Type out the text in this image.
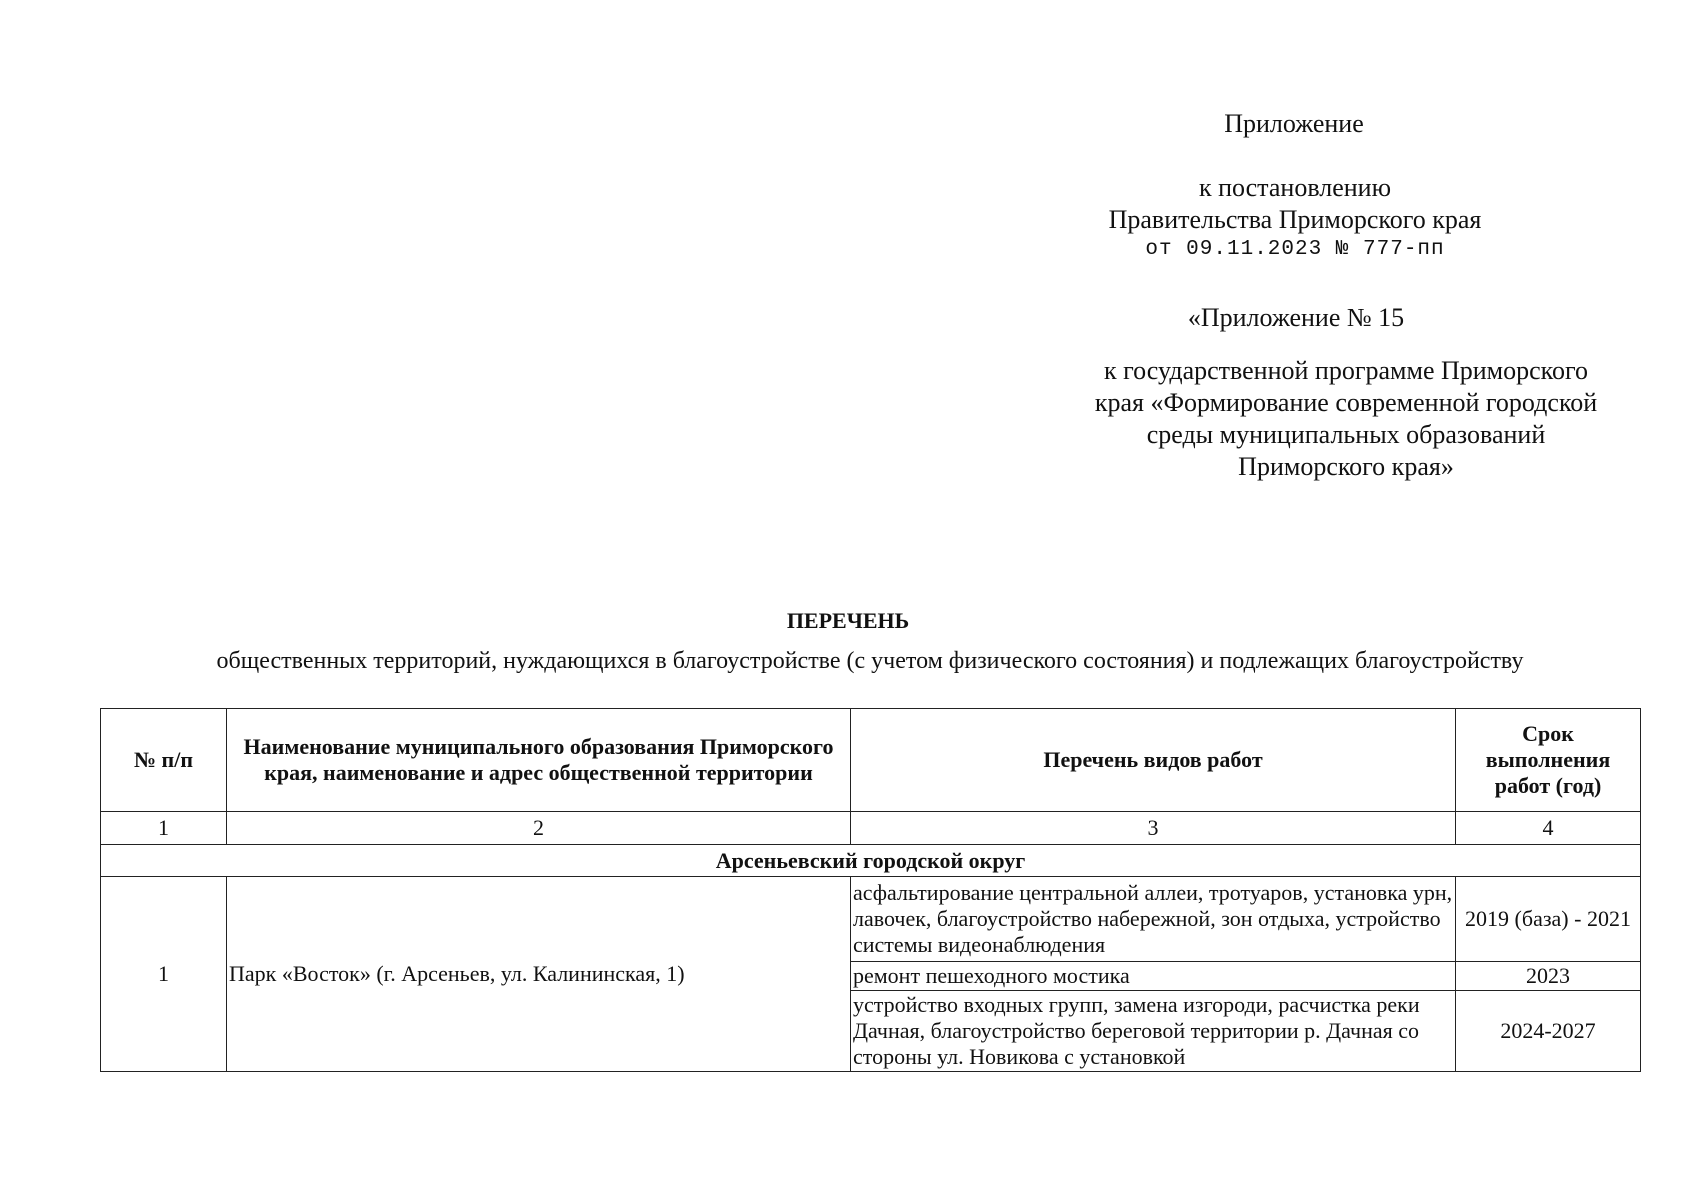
Приложение
к постановлению
Правительства Приморского края
от 09.11.2023 № 777-пп
«Приложение № 15
к государственной программе Приморского
края «Формирование современной городской
среды муниципальных образований
Приморского края»
ПЕРЕЧЕНЬ
общественных территорий, нуждающихся в благоустройстве (с учетом физического состояния) и подлежащих благоустройству
№ п/п	Наименование муниципального образования Приморского края, наименование и адрес общественной территории	Перечень видов работ	Срок выполнения работ (год)
1	2	3	4
Арсеньевский городской округ			
1	Парк «Восток» (г. Арсеньев, ул. Калининская, 1)	асфальтирование центральной аллеи, тротуаров, установка урн, лавочек, благоустройство набережной, зон отдыха, устройство системы видеонаблюдения	2019 (база) - 2021
		ремонт пешеходного мостика	2023
		устройство входных групп, замена изгороди, расчистка реки Дачная, благоустройство береговой территории р. Дачная со стороны ул. Новикова с установкой	2024-2027
